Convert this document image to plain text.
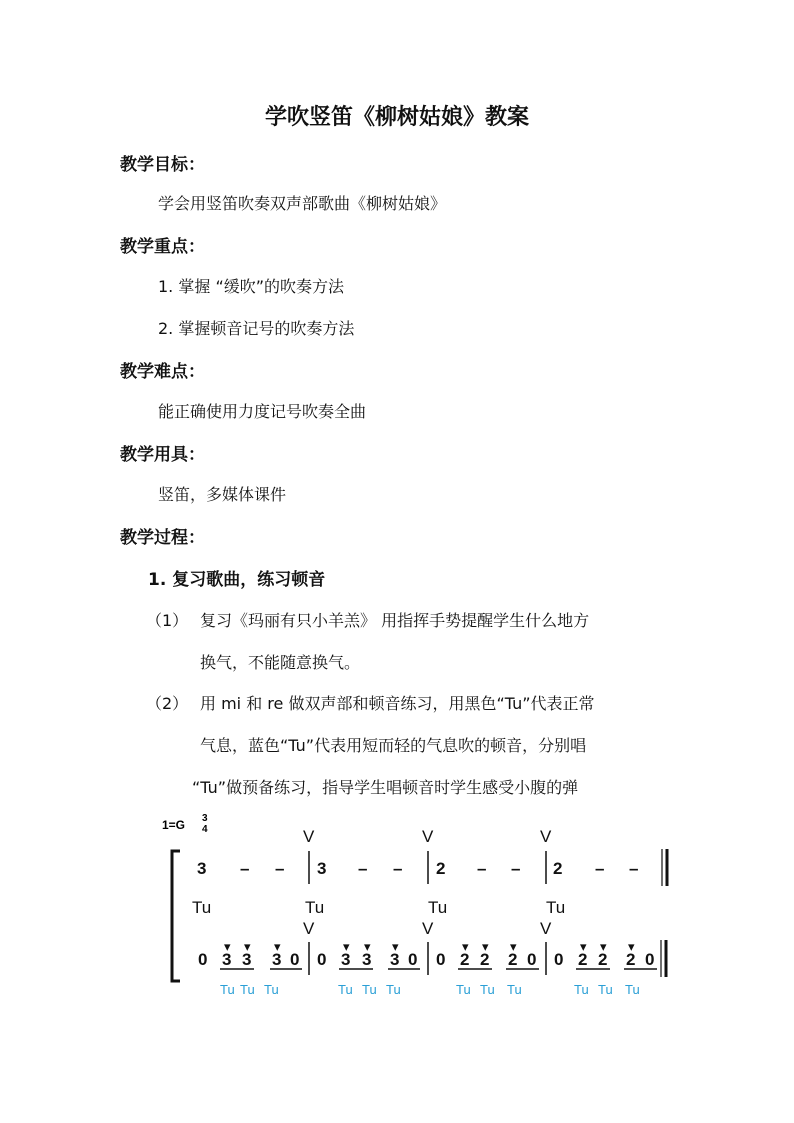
学吹竖笛《柳树姑娘》教案
教学目标：
学会用竖笛吹奏双声部歌曲《柳树姑娘》
教学重点：
1. 掌握 “缓吹”的吹奏方法
2. 掌握顿音记号的吹奏方法
教学难点：
能正确使用力度记号吹奏全曲
教学用具：
竖笛，多媒体课件
教学过程：
1. 复习歌曲，练习顿音
（1） 复习《玛丽有只小羊羔》 用指挥手势提醒学生什么地方
换气，不能随意换气。
（2） 用 mi 和 re 做双声部和顿音练习，用黑色“Tu”代表正常
气息，蓝色“Tu”代表用短而轻的气息吹的顿音，分别唱
“Tu”做预备练习，指导学生唱顿音时学生感受小腹的弹
1=G 3
4	V	V	V
V	V	V
3 – – 3 – – 2 – – 2 – –
Tu	Tu	Tu	Tu
0 3 3 3 0 0 3 3 3 0 0 2 2 2 0 0 2 2 2 0
▾ ▾ ▾	▾ ▾ ▾	▾ ▾ ▾	▾ ▾ ▾
Tu Tu Tu	Tu Tu Tu	Tu Tu Tu	Tu Tu Tu
